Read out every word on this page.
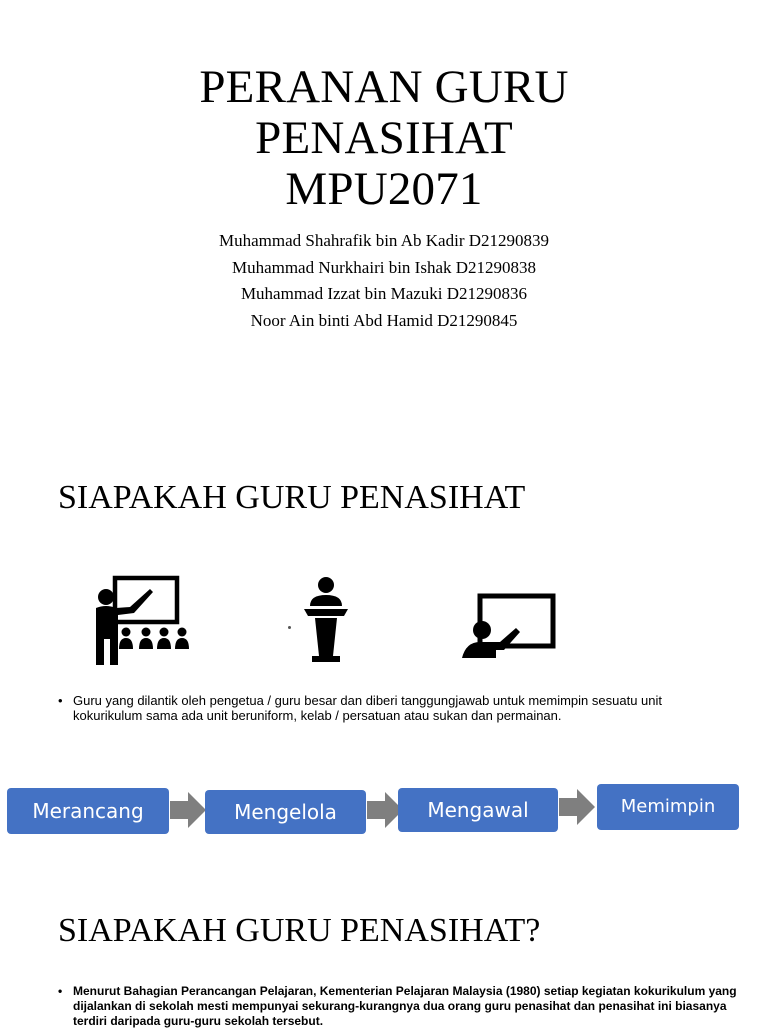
PERANAN GURU
PENASIHAT
MPU2071
Muhammad Shahrafik bin Ab Kadir D21290839
Muhammad Nurkhairi bin Ishak D21290838
Muhammad Izzat bin Mazuki D21290836
Noor Ain binti Abd Hamid D21290845
SIAPAKAH GURU PENASIHAT
• Guru yang dilantik oleh pengetua / guru besar dan diberi tanggungjawab untuk memimpin sesuatu unit kokurikulum sama ada unit beruniform, kelab / persatuan atau sukan dan permainan.
Merancang	Mengelola	Mengawal	Memimpin
SIAPAKAH GURU PENASIHAT?
• Menurut Bahagian Perancangan Pelajaran, Kementerian Pelajaran Malaysia (1980) setiap kegiatan kokurikulum yang dijalankan di sekolah mesti mempunyai sekurang-kurangnya dua orang guru penasihat dan penasihat ini biasanya terdiri daripada guru-guru sekolah tersebut.
